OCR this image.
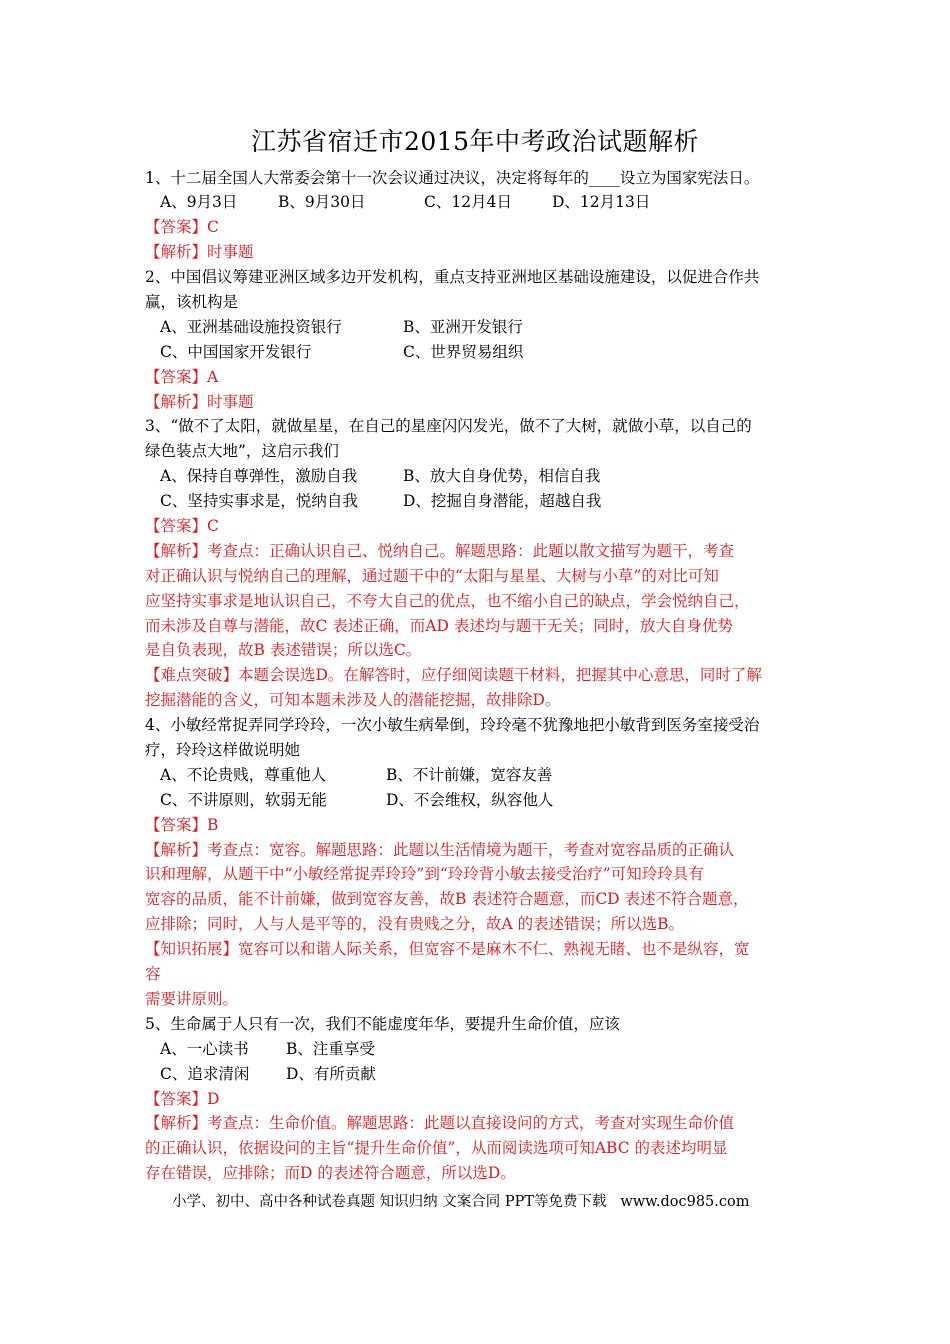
江苏省宿迁市2015年中考政治试题解析
1、十二届全国人大常委会第十一次会议通过决议，决定将每年的____设立为国家宪法日。
A、9月3日	B、9月30日	C、12月4日	D、12月13日
【答案】C
【解析】时事题
2、中国倡议筹建亚洲区域多边开发机构，重点支持亚洲地区基础设施建设，以促进合作共
赢，该机构是
A、亚洲基础设施投资银行	B、亚洲开发银行
C、中国国家开发银行	C、世界贸易组织
【答案】A
【解析】时事题
3、“做不了太阳，就做星星，在自己的星座闪闪发光，做不了大树，就做小草，以自己的
绿色装点大地”，这启示我们
A、保持自尊弹性，激励自我	B、放大自身优势，相信自我
C、坚持实事求是，悦纳自我	D、挖掘自身潜能，超越自我
【答案】C
【解析】考查点：正确认识自己、悦纳自己。解题思路：此题以散文描写为题干，考查
对正确认识与悦纳自己的理解，通过题干中的“太阳与星星、大树与小草”的对比可知
应坚持实事求是地认识自己，不夸大自己的优点，也不缩小自己的缺点，学会悦纳自己，
而未涉及自尊与潜能，故C 表述正确，而AD 表述均与题干无关；同时，放大自身优势
是自负表现，故B 表述错误；所以选C。
【难点突破】本题会误选D。在解答时，应仔细阅读题干材料，把握其中心意思，同时了解
挖掘潜能的含义，可知本题未涉及人的潜能挖掘，故排除D。
4、小敏经常捉弄同学玲玲，一次小敏生病晕倒，玲玲毫不犹豫地把小敏背到医务室接受治
疗，玲玲这样做说明她
A、不论贵贱，尊重他人	B、不计前嫌，宽容友善
C、不讲原则，软弱无能	D、不会维权，纵容他人
【答案】B
【解析】考查点：宽容。解题思路：此题以生活情境为题干，考查对宽容品质的正确认
识和理解，从题干中“小敏经常捉弄玲玲”到“玲玲背小敏去接受治疗”可知玲玲具有
宽容的品质，能不计前嫌，做到宽容友善，故B 表述符合题意，而CD 表述不符合题意，
应排除；同时，人与人是平等的，没有贵贱之分，故A 的表述错误；所以选B。
【知识拓展】宽容可以和谐人际关系，但宽容不是麻木不仁、熟视无睹、也不是纵容，宽
容
需要讲原则。
5、生命属于人只有一次，我们不能虚度年华，要提升生命价值，应该
A、一心读书 B、注重享受
C、追求清闲 D、有所贡献
【答案】D
【解析】考查点：生命价值。解题思路：此题以直接设问的方式，考查对实现生命价值
的正确认识，依据设问的主旨“提升生命价值”，从而阅读选项可知ABC 的表述均明显
存在错误，应排除；而D 的表述符合题意，所以选D。
小学、初中、高中各种试卷真题 知识归纳 文案合同 PPT等免费下载   www.doc985.com
